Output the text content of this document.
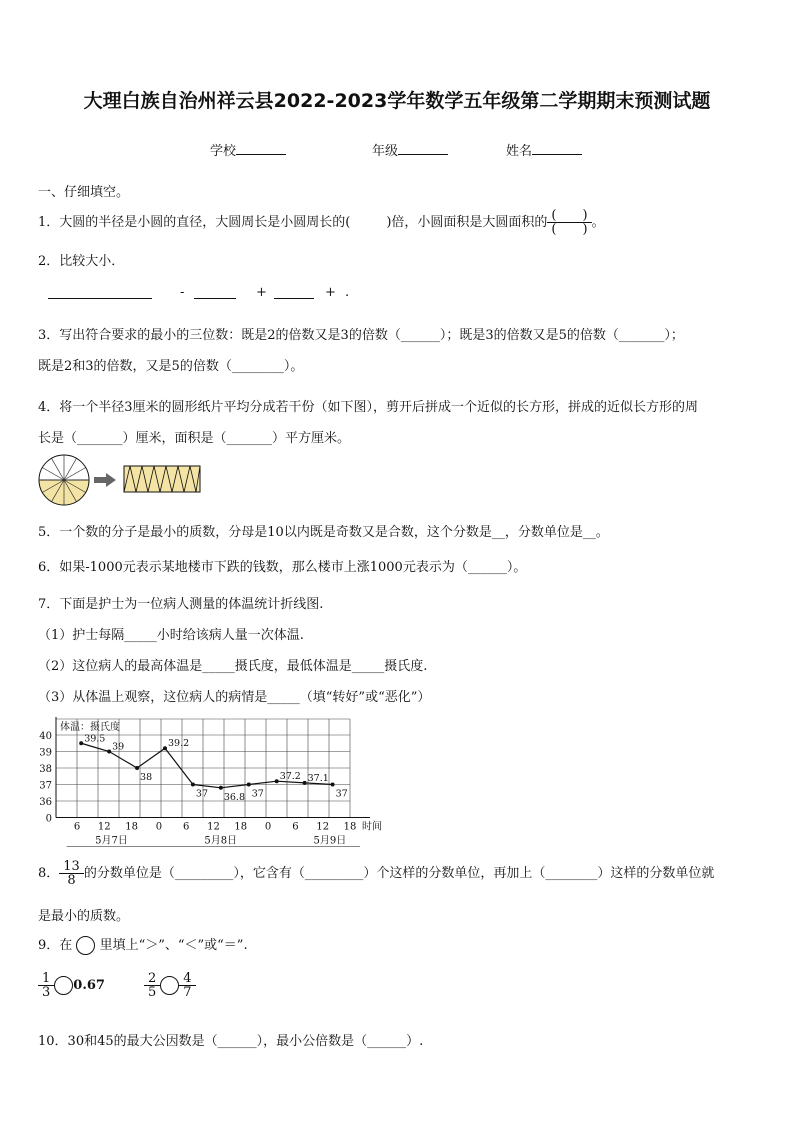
大理白族自治州祥云县2022-2023学年数学五年级第二学期期末预测试题
学校	年级	姓名
一、仔细填空。
1．大圆的半径是小圆的直径，大圆周长是小圆周长的(	)倍，小圆面积是大圆面积的 $\frac{( )}{( )}$ 。
2．比较大小．
-	+	+ .
3．写出符合要求的最小的三位数：既是2的倍数又是3的倍数（______）；既是3的倍数又是5的倍数（_______）；
既是2和3的倍数，又是5的倍数（________）。
4．将一个半径3厘米的圆形纸片平均分成若干份（如下图），剪开后拼成一个近似的长方形，拼成的近似长方形的周
长是（_______）厘米，面积是（_______）平方厘米。
5．一个数的分子是最小的质数，分母是10以内既是奇数又是合数，这个分数是__，分数单位是__。
6．如果-1000元表示某地楼市下跌的钱数，那么楼市上涨1000元表示为（______）。
7．下面是护士为一位病人测量的体温统计折线图.
（1）护士每隔_____小时给该病人量一次体温.
（2）这位病人的最高体温是_____摄氏度，最低体温是_____摄氏度.
（3）从体温上观察，这位病人的病情是_____（填“转好”或“恶化”）
体温：摄氏度
40
39
38
37
36
0
6 12 18 0 6 12 18 0 6 12 18 时间
5月7日	5月8日	5月9日
39.5
39
38
39.2
37 36.8 37
37.2 37.1
37
8． $\frac{13}{8}$ 的分数单位是（_________），它含有（_________）个这样的分数单位，再加上（________）这样的分数单位就
是最小的质数。
9．在 里填上“＞”、“＜”或“＝”.
$\frac{1}{3} 0.67$	$\frac{2}{5} \frac{4}{7}$
10．30和45的最大公因数是（______），最小公倍数是（______）.
